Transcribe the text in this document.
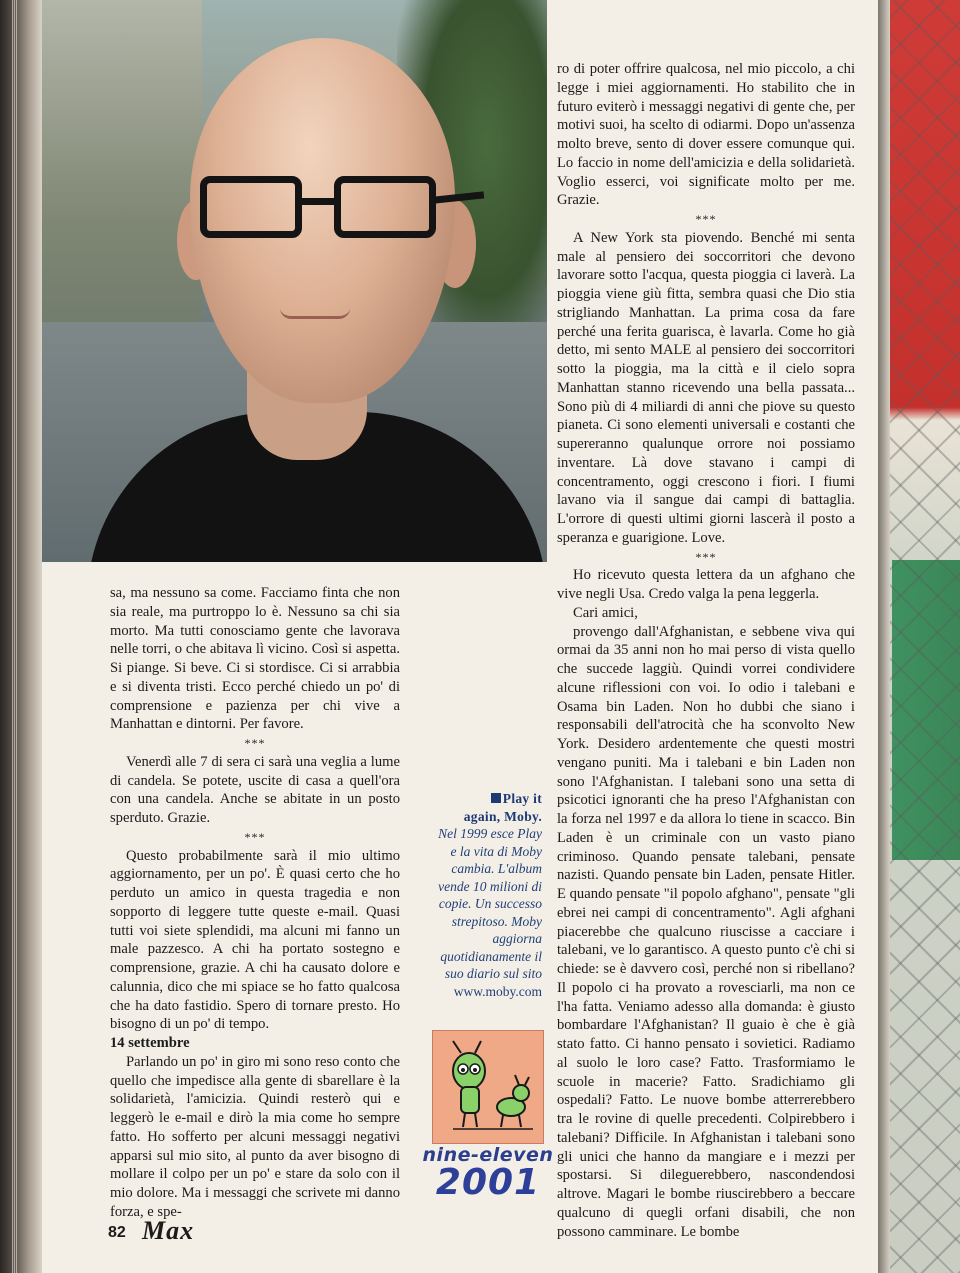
sa, ma nessuno sa come. Facciamo finta che non sia reale, ma purtroppo lo è. Nessuno sa chi sia morto. Ma tutti conosciamo gente che lavorava nelle torri, o che abitava lì vicino. Così si aspetta. Si piange. Si beve. Ci si stordisce. Ci si arrabbia e si diventa tristi. Ecco perché chiedo un po' di comprensione e pazienza per chi vive a Manhattan e dintorni. Per favore.

***

Venerdì alle 7 di sera ci sarà una veglia a lume di candela. Se potete, uscite di casa a quell'ora con una candela. Anche se abitate in un posto sperduto. Grazie.

***

Questo probabilmente sarà il mio ultimo aggiornamento, per un po'. È quasi certo che ho perduto un amico in questa tragedia e non sopporto di leggere tutte queste e-mail. Quasi tutti voi siete splendidi, ma alcuni mi fanno un male pazzesco. A chi ha portato sostegno e comprensione, grazie. A chi ha causato dolore e calunnia, dico che mi spiace se ho fatto qualcosa che ha dato fastidio. Spero di tornare presto. Ho bisogno di un po' di tempo.

14 settembre

Parlando un po' in giro mi sono reso conto che quello che impedisce alla gente di sbarellare è la solidarietà, l'amicizia. Quindi resterò qui e leggerò le e-mail e dirò la mia come ho sempre fatto. Ho sofferto per alcuni messaggi negativi apparsi sul mio sito, al punto da aver bisogno di mollare il colpo per un po' e stare da solo con il mio dolore. Ma i messaggi che scrivete mi danno forza, e spe-

ro di poter offrire qualcosa, nel mio piccolo, a chi legge i miei aggiornamenti. Ho stabilito che in futuro eviterò i messaggi negativi di gente che, per motivi suoi, ha scelto di odiarmi. Dopo un'assenza molto breve, sento di dover essere comunque qui. Lo faccio in nome dell'amicizia e della solidarietà. Voglio esserci, voi significate molto per me. Grazie.

***

A New York sta piovendo. Benché mi senta male al pensiero dei soccorritori che devono lavorare sotto l'acqua, questa pioggia ci laverà. La pioggia viene giù fitta, sembra quasi che Dio stia strigliando Manhattan. La prima cosa da fare perché una ferita guarisca, è lavarla. Come ho già detto, mi sento MALE al pensiero dei soccorritori sotto la pioggia, ma la città e il cielo sopra Manhattan stanno ricevendo una bella passata... Sono più di 4 miliardi di anni che piove su questo pianeta. Ci sono elementi universali e costanti che supereranno qualunque orrore noi possiamo inventare. Là dove stavano i campi di concentramento, oggi crescono i fiori. I fiumi lavano via il sangue dai campi di battaglia. L'orrore di questi ultimi giorni lascerà il posto a speranza e guarigione. Love.

***

Ho ricevuto questa lettera da un afghano che vive negli Usa. Credo valga la pena leggerla.

Cari amici,

provengo dall'Afghanistan, e sebbene viva qui ormai da 35 anni non ho mai perso di vista quello che succede laggiù. Quindi vorrei condividere alcune riflessioni con voi. Io odio i talebani e Osama bin Laden. Non ho dubbi che siano i responsabili dell'atrocità che ha sconvolto New York. Desidero ardentemente che questi mostri vengano puniti. Ma i talebani e bin Laden non sono l'Afghanistan. I talebani sono una setta di psicotici ignoranti che ha preso l'Afghanistan con la forza nel 1997 e da allora lo tiene in scacco. Bin Laden è un criminale con un vasto piano criminoso. Quando pensate talebani, pensate nazisti. Quando pensate bin Laden, pensate Hitler. E quando pensate "il popolo afghano", pensate "gli ebrei nei campi di concentramento". Agli afghani piacerebbe che qualcuno riuscisse a cacciare i talebani, ve lo garantisco. A questo punto c'è chi si chiede: se è davvero così, perché non si ribellano? Il popolo ci ha provato a rovesciarli, ma non ce l'ha fatta. Veniamo adesso alla domanda: è giusto bombardare l'Afghanistan? Il guaio è che è già stato fatto. Ci hanno pensato i sovietici. Radiamo al suolo le loro case? Fatto. Trasformiamo le scuole in macerie? Fatto. Sradichiamo gli ospedali? Fatto. Le nuove bombe atterrerebbero tra le rovine di quelle precedenti. Colpirebbero i talebani? Difficile. In Afghanistan i talebani sono gli unici che hanno da mangiare e i mezzi per spostarsi. Si dileguerebbero, nascondendosi altrove. Magari le bombe riuscirebbero a beccare qualcuno di quegli orfani disabili, che non possono camminare. Le bombe

Play it
again, Moby.
Nel 1999 esce Play e la vita di Moby cambia. L'album vende 10 milioni di copie. Un successo strepitoso. Moby aggiorna quotidianamente il suo diario sul sito
www.moby.com
nine-eleven
2001
82 Max
